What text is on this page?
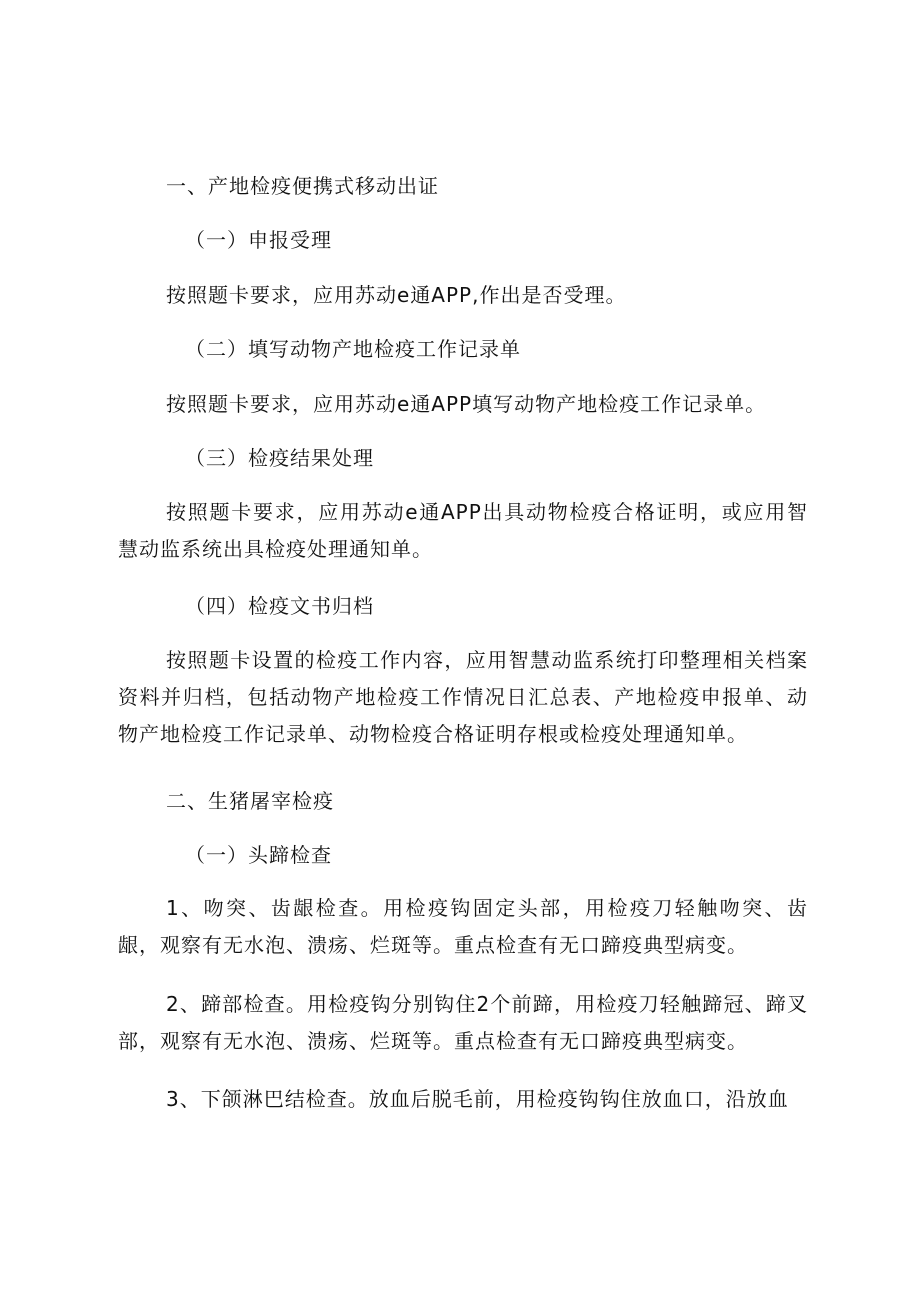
一、产地检疫便携式移动出证
（一）申报受理
按照题卡要求，应用苏动e通APP,作出是否受理。
（二）填写动物产地检疫工作记录单
按照题卡要求，应用苏动e通APP填写动物产地检疫工作记录单。
（三）检疫结果处理
按照题卡要求，应用苏动e通APP出具动物检疫合格证明，或应用智慧动监系统出具检疫处理通知单。
（四）检疫文书归档
按照题卡设置的检疫工作内容，应用智慧动监系统打印整理相关档案资料并归档，包括动物产地检疫工作情况日汇总表、产地检疫申报单、动物产地检疫工作记录单、动物检疫合格证明存根或检疫处理通知单。
二、生猪屠宰检疫
（一）头蹄检查
1、吻突、齿龈检查。用检疫钩固定头部，用检疫刀轻触吻突、齿龈，观察有无水泡、溃疡、烂斑等。重点检查有无口蹄疫典型病变。
2、蹄部检查。用检疫钩分别钩住2个前蹄，用检疫刀轻触蹄冠、蹄叉部，观察有无水泡、溃疡、烂斑等。重点检查有无口蹄疫典型病变。
3、下颌淋巴结检查。放血后脱毛前，用检疫钩钩住放血口，沿放血
